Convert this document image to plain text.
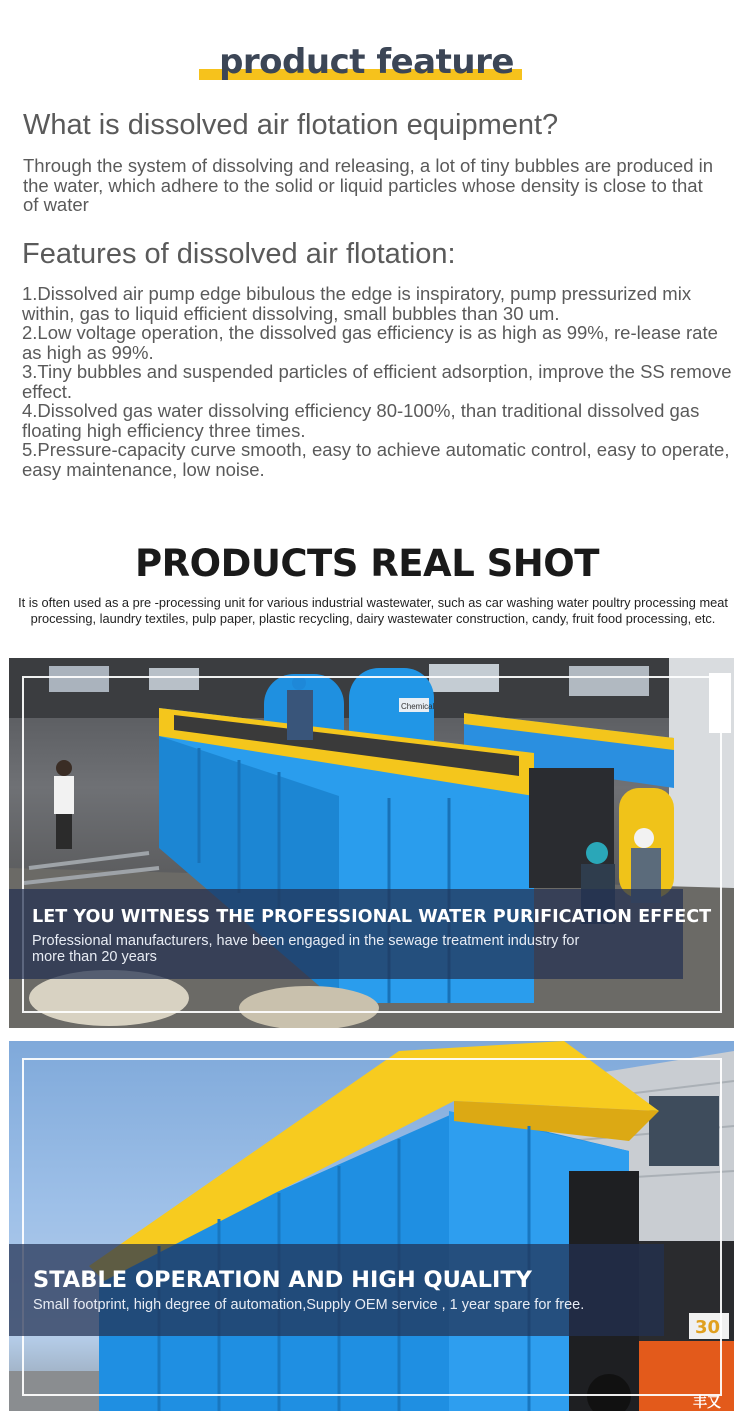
product feature
What is dissolved air flotation equipment?
Through the system of dissolving and releasing, a lot of tiny bubbles are produced in the water, which adhere to the solid or liquid particles whose density is close to that of water
Features of dissolved air flotation:
1.Dissolved air pump edge bibulous the edge is inspiratory, pump pressurized mix within, gas to liquid efficient dissolving, small bubbles than 30 um.
2.Low voltage operation, the dissolved gas efficiency is as high as 99%, re-lease rate as high as 99%.
3.Tiny bubbles and suspended particles of efficient adsorption, improve the SS remove effect.
4.Dissolved gas water dissolving efficiency 80-100%, than traditional dissolved gas floating high efficiency three times.
5.Pressure-capacity curve smooth, easy to achieve automatic control, easy to operate, easy maintenance, low noise.
PRODUCTS REAL SHOT
It is often used as a pre -processing unit for various industrial wastewater, such as car washing water poultry processing meat processing, laundry textiles, pulp paper, plastic recycling, dairy wastewater construction, candy, fruit food processing, etc.
Chemical
LET YOU WITNESS THE PROFESSIONAL WATER PURIFICATION EFFECT
Professional manufacturers, have been engaged in the sewage treatment industry for more than 20 years
30
丰又
STABLE OPERATION AND HIGH QUALITY
Small footprint, high degree of automation,Supply OEM service , 1 year spare for free.
